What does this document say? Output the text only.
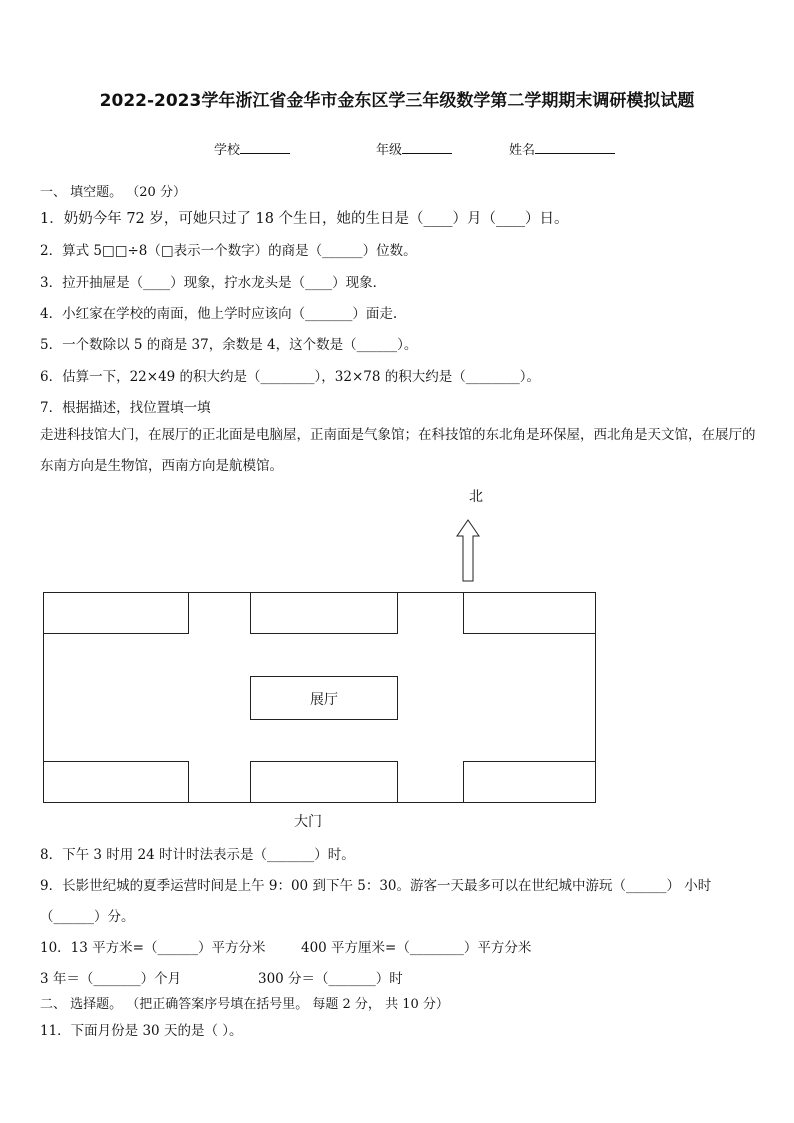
2022-2023学年浙江省金华市金东区学三年级数学第二学期期末调研模拟试题
学校	年级	姓名
一、 填空题。 （20 分）
1．奶奶今年 72 岁，可她只过了 18 个生日，她的生日是（____）月（____）日。
2．算式 5□□÷8（□表示一个数字）的商是（______）位数。
3．拉开抽屉是（____）现象，拧水龙头是（____）现象．
4．小红家在学校的南面，他上学时应该向（_______）面走.
5．一个数除以 5 的商是 37，余数是 4，这个数是（______）。
6．估算一下，22×49 的积大约是（________），32×78 的积大约是（________）。
7．根据描述，找位置填一填
走进科技馆大门，在展厅的正北面是电脑屋，正南面是气象馆；在科技馆的东北角是环保屋，西北角是天文馆，在展厅的东南方向是生物馆，西南方向是航模馆。
北
展厅
大门
8．下午 3 时用 24 时计时法表示是（_______）时。
9．长影世纪城的夏季运营时间是上午 9：00 到下午 5：30。游客一天最多可以在世纪城中游玩（______） 小时
（______）分。
10．13 平方米=（______）平方分米	400 平方厘米=（________）平方分米
3 年＝（_______）个月	300 分＝（_______）时
二、 选择题。 （把正确答案序号填在括号里。 每题 2 分， 共 10 分）
11．下面月份是 30 天的是（ ）。
